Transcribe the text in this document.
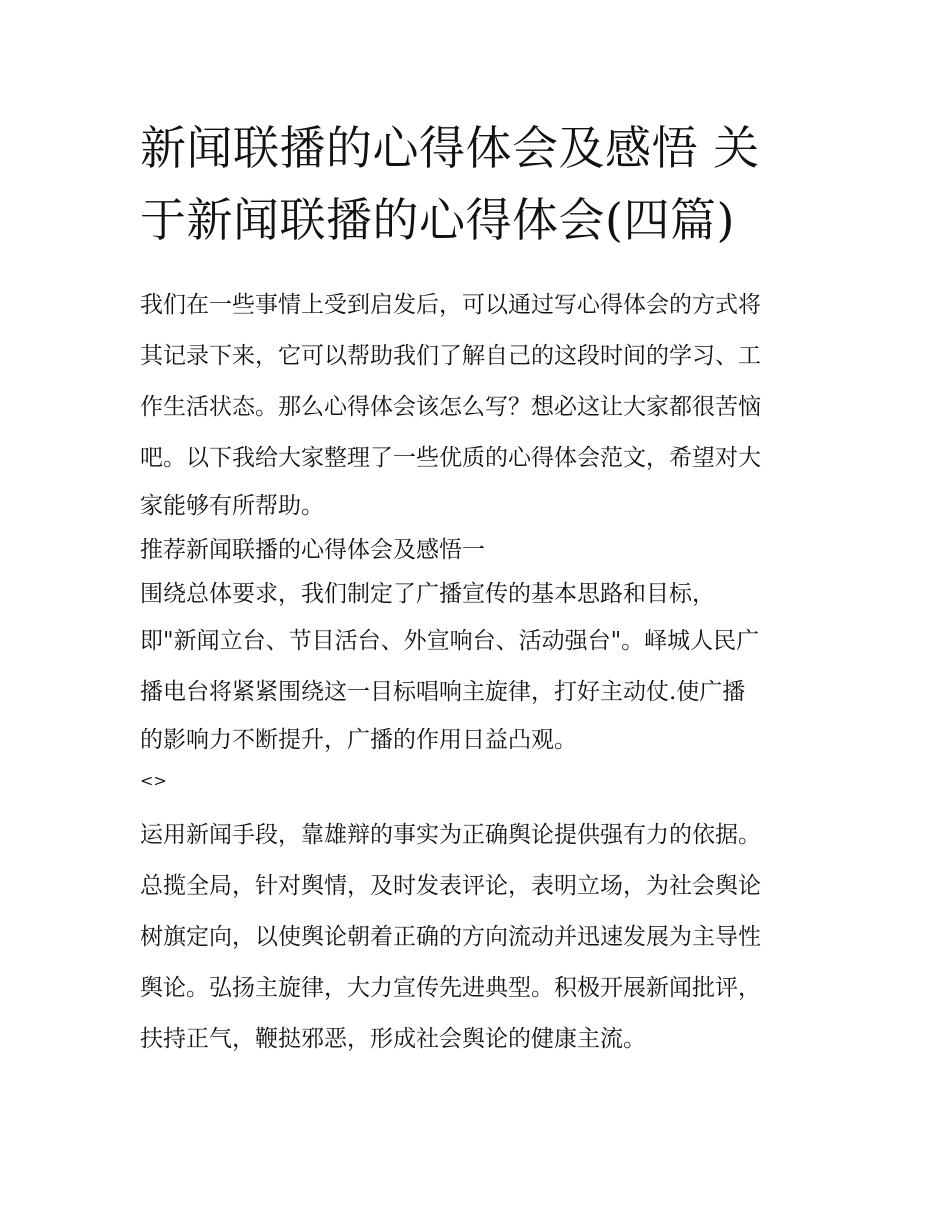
新闻联播的心得体会及感悟 关
于新闻联播的心得体会(四篇)
我们在一些事情上受到启发后，可以通过写心得体会的方式将
其记录下来，它可以帮助我们了解自己的这段时间的学习、工
作生活状态。那么心得体会该怎么写？想必这让大家都很苦恼
吧。以下我给大家整理了一些优质的心得体会范文，希望对大
家能够有所帮助。
推荐新闻联播的心得体会及感悟一
围绕总体要求，我们制定了广播宣传的基本思路和目标，
即"新闻立台、节目活台、外宣响台、活动强台"。峄城人民广
播电台将紧紧围绕这一目标唱响主旋律，打好主动仗.使广播
的影响力不断提升，广播的作用日益凸观。
<>
运用新闻手段，靠雄辩的事实为正确舆论提供强有力的依据。
总揽全局，针对舆情，及时发表评论，表明立场，为社会舆论
树旗定向，以使舆论朝着正确的方向流动并迅速发展为主导性
舆论。弘扬主旋律，大力宣传先进典型。积极开展新闻批评，
扶持正气，鞭挞邪恶，形成社会舆论的健康主流。
